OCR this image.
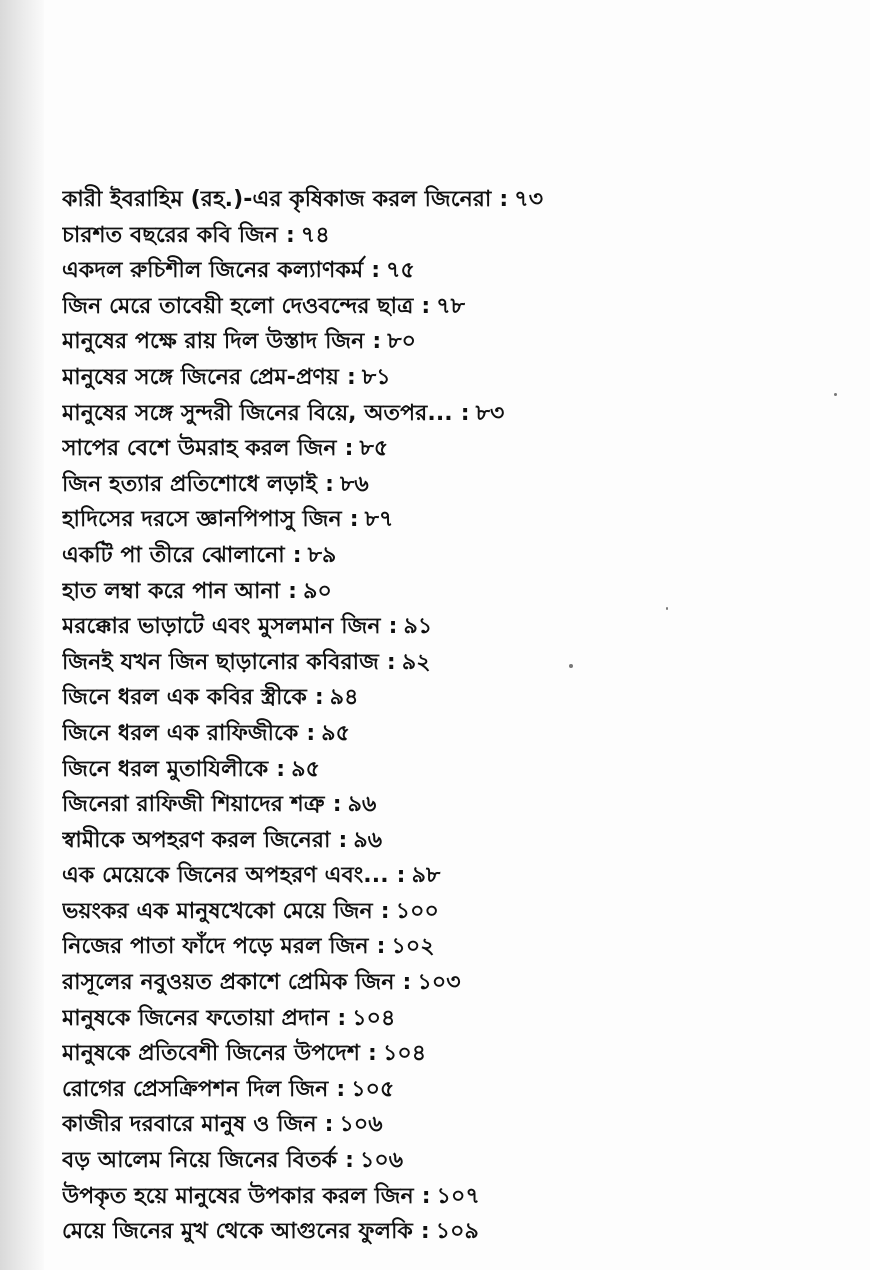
কারী ইবরাহিম (রহ.)-এর কৃষিকাজ করল জিনেরা : ৭৩
চারশত বছরের কবি জিন : ৭৪
একদল রুচিশীল জিনের কল্যাণকর্ম : ৭৫
জিন মেরে তাবেয়ী হলো দেওবন্দের ছাত্র : ৭৮
মানুষের পক্ষে রায় দিল উস্তাদ জিন : ৮০
মানুষের সঙ্গে জিনের প্রেম-প্রণয় : ৮১
মানুষের সঙ্গে সুন্দরী জিনের বিয়ে, অতপর... : ৮৩
সাপের বেশে উমরাহ করল জিন : ৮৫
জিন হত্যার প্রতিশোধে লড়াই : ৮৬
হাদিসের দরসে জ্ঞানপিপাসু জিন : ৮৭
একটি পা তীরে ঝোলানো : ৮৯
হাত লম্বা করে পান আনা : ৯০
মরক্কোর ভাড়াটে এবং মুসলমান জিন : ৯১
জিনই যখন জিন ছাড়ানোর কবিরাজ : ৯২
জিনে ধরল এক কবির স্ত্রীকে : ৯৪
জিনে ধরল এক রাফিজীকে : ৯৫
জিনে ধরল মুতাযিলীকে : ৯৫
জিনেরা রাফিজী শিয়াদের শত্রু : ৯৬
স্বামীকে অপহরণ করল জিনেরা : ৯৬
এক মেয়েকে জিনের অপহরণ এবং... : ৯৮
ভয়ংকর এক মানুষখেকো মেয়ে জিন : ১০০
নিজের পাতা ফাঁদে পড়ে মরল জিন : ১০২
রাসূলের নবুওয়ত প্রকাশে প্রেমিক জিন : ১০৩
মানুষকে জিনের ফতোয়া প্রদান : ১০৪
মানুষকে প্রতিবেশী জিনের উপদেশ : ১০৪
রোগের প্রেসক্রিপশন দিল জিন : ১০৫
কাজীর দরবারে মানুষ ও জিন : ১০৬
বড় আলেম নিয়ে জিনের বিতর্ক : ১০৬
উপকৃত হয়ে মানুষের উপকার করল জিন : ১০৭
মেয়ে জিনের মুখ থেকে আগুনের ফুলকি : ১০৯
